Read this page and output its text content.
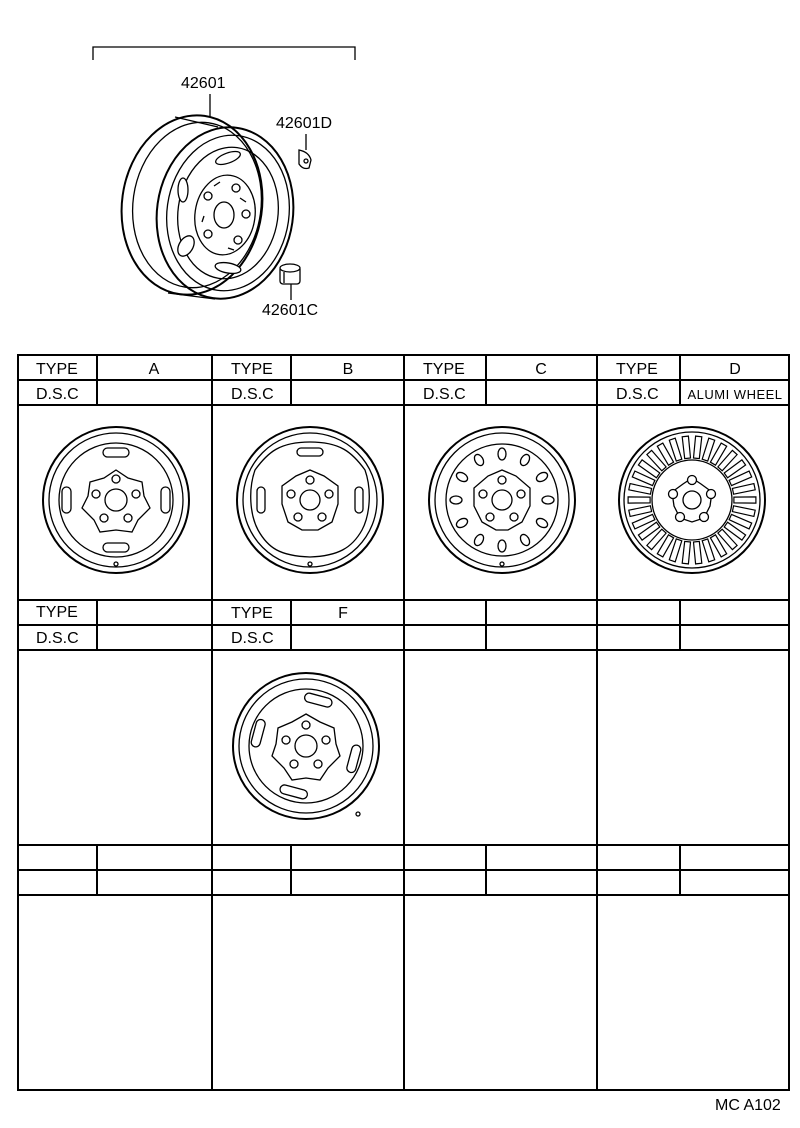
42601
42601D
42601C
TYPE	A
D.S.C
TYPE	B
D.S.C
TYPE	C
D.S.C
TYPE	D
D.S.C ALUMI WHEEL
TYPE
D.S.C
TYPE	F
D.S.C
MC A102
